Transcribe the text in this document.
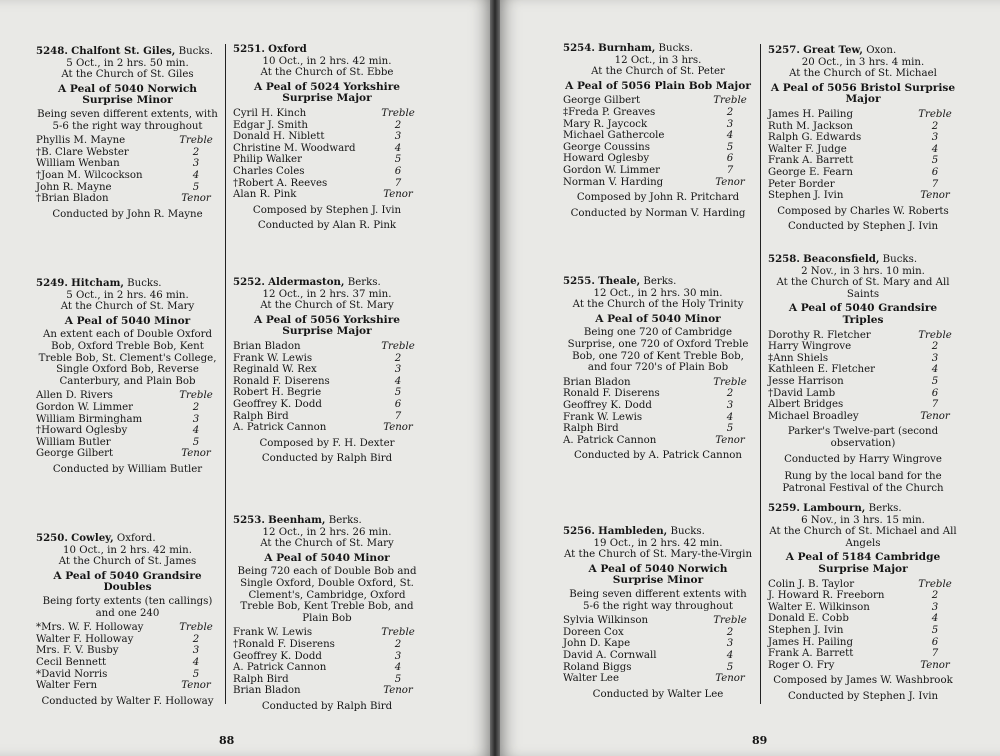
88	89
5248. Chalfont St. Giles, Bucks.
5 Oct., in 2 hrs. 50 min.
At the Church of St. Giles
A Peal of 5040 Norwich Surprise Minor
Being seven different extents, with 5-6 the right way throughout
Phyllis M. Mayne	Treble
†B. Clare Webster	2
William Wenban	3
†Joan M. Wilcockson	4
John R. Mayne	5
†Brian Bladon	Tenor
Conducted by John R. Mayne
5249. Hitcham, Bucks.
5 Oct., in 2 hrs. 46 min.
At the Church of St. Mary
A Peal of 5040 Minor
An extent each of Double Oxford Bob, Oxford Treble Bob, Kent Treble Bob, St. Clement's College, Single Oxford Bob, Reverse Canterbury, and Plain Bob
Allen D. Rivers	Treble
Gordon W. Limmer	2
William Birmingham	3
†Howard Oglesby	4
William Butler	5
George Gilbert	Tenor
Conducted by William Butler
5250. Cowley, Oxford.
10 Oct., in 2 hrs. 42 min.
At the Church of St. James
A Peal of 5040 Grandsire Doubles
Being forty extents (ten callings) and one 240
*Mrs. W. F. Holloway	Treble
Walter F. Holloway	2
Mrs. F. V. Busby	3
Cecil Bennett	4
*David Norris	5
Walter Fern	Tenor
Conducted by Walter F. Holloway
5251. Oxford
10 Oct., in 2 hrs. 42 min.
At the Church of St. Ebbe
A Peal of 5024 Yorkshire Surprise Major
Cyril H. Kinch	Treble
Edgar J. Smith	2
Donald H. Niblett	3
Christine M. Woodward	4
Philip Walker	5
Charles Coles	6
†Robert A. Reeves	7
Alan R. Pink	Tenor
Composed by Stephen J. Ivin
Conducted by Alan R. Pink
5252. Aldermaston, Berks.
12 Oct., in 2 hrs. 37 min.
At the Church of St. Mary
A Peal of 5056 Yorkshire Surprise Major
Brian Bladon	Treble
Frank W. Lewis	2
Reginald W. Rex	3
Ronald F. Diserens	4
Robert H. Begrie	5
Geoffrey K. Dodd	6
Ralph Bird	7
A. Patrick Cannon	Tenor
Composed by F. H. Dexter
Conducted by Ralph Bird
5253. Beenham, Berks.
12 Oct., in 2 hrs. 26 min.
At the Church of St. Mary
A Peal of 5040 Minor
Being 720 each of Double Bob and Single Oxford, Double Oxford, St. Clement's, Cambridge, Oxford Treble Bob, Kent Treble Bob, and Plain Bob
Frank W. Lewis	Treble
†Ronald F. Diserens	2
Geoffrey K. Dodd	3
A. Patrick Cannon	4
Ralph Bird	5
Brian Bladon	Tenor
Conducted by Ralph Bird
5254. Burnham, Bucks.
12 Oct., in 3 hrs.
At the Church of St. Peter
A Peal of 5056 Plain Bob Major
George Gilbert	Treble
‡Freda P. Greaves	2
Mary R. Jaycock	3
Michael Gathercole	4
George Coussins	5
Howard Oglesby	6
Gordon W. Limmer	7
Norman V. Harding	Tenor
Composed by John R. Pritchard
Conducted by Norman V. Harding
5255. Theale, Berks.
12 Oct., in 2 hrs. 30 min.
At the Church of the Holy Trinity
A Peal of 5040 Minor
Being one 720 of Cambridge Surprise, one 720 of Oxford Treble Bob, one 720 of Kent Treble Bob, and four 720's of Plain Bob
Brian Bladon	Treble
Ronald F. Diserens	2
Geoffrey K. Dodd	3
Frank W. Lewis	4
Ralph Bird	5
A. Patrick Cannon	Tenor
Conducted by A. Patrick Cannon
5256. Hambleden, Bucks.
19 Oct., in 2 hrs. 42 min.
At the Church of St. Mary-the-Virgin
A Peal of 5040 Norwich Surprise Minor
Being seven different extents with 5-6 the right way throughout
Sylvia Wilkinson	Treble
Doreen Cox	2
John D. Kape	3
David A. Cornwall	4
Roland Biggs	5
Walter Lee	Tenor
Conducted by Walter Lee
5257. Great Tew, Oxon.
20 Oct., in 3 hrs. 4 min.
At the Church of St. Michael
A Peal of 5056 Bristol Surprise Major
James H. Pailing	Treble
Ruth M. Jackson	2
Ralph G. Edwards	3
Walter F. Judge	4
Frank A. Barrett	5
George E. Fearn	6
Peter Border	7
Stephen J. Ivin	Tenor
Composed by Charles W. Roberts
Conducted by Stephen J. Ivin
5258. Beaconsfield, Bucks.
2 Nov., in 3 hrs. 10 min.
At the Church of St. Mary and All Saints
A Peal of 5040 Grandsire Triples
Dorothy R. Fletcher	Treble
Harry Wingrove	2
‡Ann Shiels	3
Kathleen E. Fletcher	4
Jesse Harrison	5
†David Lamb	6
Albert Bridges	7
Michael Broadley	Tenor
Parker's Twelve-part (second observation)
Conducted by Harry Wingrove
Rung by the local band for the Patronal Festival of the Church
5259. Lambourn, Berks.
6 Nov., in 3 hrs. 15 min.
At the Church of St. Michael and All Angels
A Peal of 5184 Cambridge Surprise Major
Colin J. B. Taylor	Treble
J. Howard R. Freeborn	2
Walter E. Wilkinson	3
Donald E. Cobb	4
Stephen J. Ivin	5
James H. Pailing	6
Frank A. Barrett	7
Roger O. Fry	Tenor
Composed by James W. Washbrook
Conducted by Stephen J. Ivin
